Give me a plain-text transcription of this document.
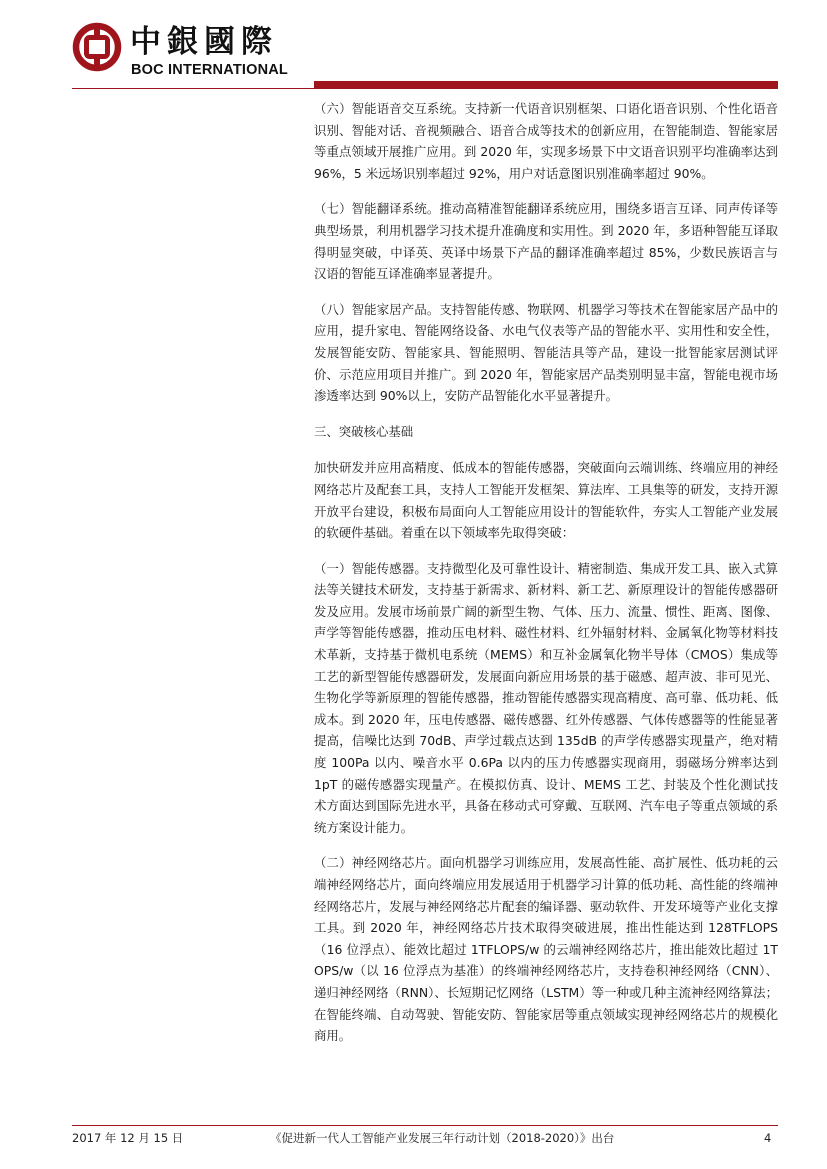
中銀國際
BOC INTERNATIONAL

（六）智能语音交互系统。支持新一代语音识别框架、口语化语音识别、个性化语音识别、智能对话、音视频融合、语音合成等技术的创新应用，在智能制造、智能家居等重点领域开展推广应用。到 2020 年，实现多场景下中文语音识别平均准确率达到 96%，5 米远场识别率超过 92%，用户对话意图识别准确率超过 90%。

（七）智能翻译系统。推动高精准智能翻译系统应用，围绕多语言互译、同声传译等典型场景，利用机器学习技术提升准确度和实用性。到 2020 年，多语种智能互译取得明显突破，中译英、英译中场景下产品的翻译准确率超过 85%，少数民族语言与汉语的智能互译准确率显著提升。

（八）智能家居产品。支持智能传感、物联网、机器学习等技术在智能家居产品中的应用，提升家电、智能网络设备、水电气仪表等产品的智能水平、实用性和安全性，发展智能安防、智能家具、智能照明、智能洁具等产品，建设一批智能家居测试评价、示范应用项目并推广。到 2020 年，智能家居产品类别明显丰富，智能电视市场渗透率达到 90%以上，安防产品智能化水平显著提升。

三、突破核心基础

加快研发并应用高精度、低成本的智能传感器，突破面向云端训练、终端应用的神经网络芯片及配套工具，支持人工智能开发框架、算法库、工具集等的研发，支持开源开放平台建设，积极布局面向人工智能应用设计的智能软件，夯实人工智能产业发展的软硬件基础。着重在以下领域率先取得突破：

（一）智能传感器。支持微型化及可靠性设计、精密制造、集成开发工具、嵌入式算法等关键技术研发，支持基于新需求、新材料、新工艺、新原理设计的智能传感器研发及应用。发展市场前景广阔的新型生物、气体、压力、流量、惯性、距离、图像、声学等智能传感器，推动压电材料、磁性材料、红外辐射材料、金属氧化物等材料技术革新，支持基于微机电系统（MEMS）和互补金属氧化物半导体（CMOS）集成等工艺的新型智能传感器研发，发展面向新应用场景的基于磁感、超声波、非可见光、生物化学等新原理的智能传感器，推动智能传感器实现高精度、高可靠、低功耗、低成本。到 2020 年，压电传感器、磁传感器、红外传感器、气体传感器等的性能显著提高，信噪比达到 70dB、声学过载点达到 135dB 的声学传感器实现量产，绝对精度 100Pa 以内、噪音水平 0.6Pa 以内的压力传感器实现商用，弱磁场分辨率达到 1pT 的磁传感器实现量产。在模拟仿真、设计、MEMS 工艺、封装及个性化测试技术方面达到国际先进水平，具备在移动式可穿戴、互联网、汽车电子等重点领域的系统方案设计能力。

（二）神经网络芯片。面向机器学习训练应用，发展高性能、高扩展性、低功耗的云端神经网络芯片，面向终端应用发展适用于机器学习计算的低功耗、高性能的终端神经网络芯片，发展与神经网络芯片配套的编译器、驱动软件、开发环境等产业化支撑工具。到 2020 年，神经网络芯片技术取得突破进展，推出性能达到 128TFLOPS（16 位浮点）、能效比超过 1TFLOPS/w 的云端神经网络芯片，推出能效比超过 1T OPS/w（以 16 位浮点为基准）的终端神经网络芯片，支持卷积神经网络（CNN）、递归神经网络（RNN）、长短期记忆网络（LSTM）等一种或几种主流神经网络算法；在智能终端、自动驾驶、智能安防、智能家居等重点领域实现神经网络芯片的规模化商用。

2017 年 12 月 15 日	《促进新一代人工智能产业发展三年行动计划（2018-2020）》出台	4
